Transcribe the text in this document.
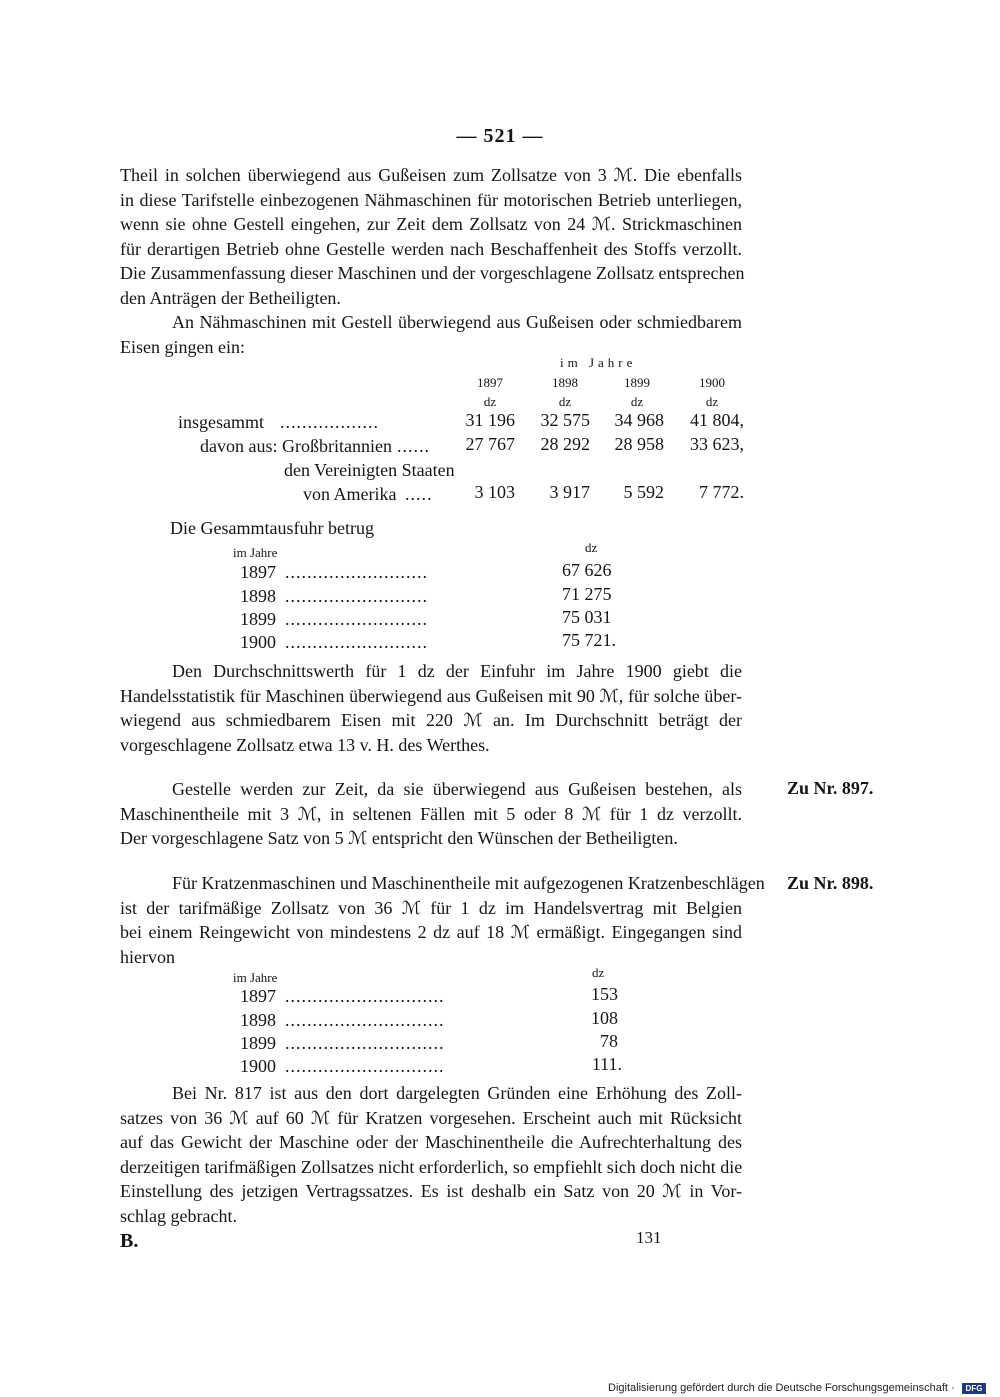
— 521 —
Theil in solchen überwiegend aus Gußeisen zum Zollsatze von 3 ℳ. Die ebenfalls
in diese Tarifstelle einbezogenen Nähmaschinen für motorischen Betrieb unterliegen,
wenn sie ohne Gestell eingehen, zur Zeit dem Zollsatz von 24 ℳ. Strickmaschinen
für derartigen Betrieb ohne Gestelle werden nach Beschaffenheit des Stoffs verzollt.
Die Zusammenfassung dieser Maschinen und der vorgeschlagene Zollsatz entsprechen
den Anträgen der Betheiligten.
An Nähmaschinen mit Gestell überwiegend aus Gußeisen oder schmiedbarem
Eisen gingen ein:
im Jahre
1897	1898	1899	1900
dz	dz	dz	dz
insgesammt ..................	31 196	32 575	34 968	41 804,
davon aus: Großbritannien ......	27 767	28 292	28 958	33 623,
den Vereinigten Staaten
von Amerika .....	3 103	3 917	5 592	7 772.
Die Gesammtausfuhr betrug
im Jahre	dz
1897 ..........................	67 626
1898 ..........................	71 275
1899 ..........................	75 031
1900 ..........................	75 721.
Den Durchschnittswerth für 1 dz der Einfuhr im Jahre 1900 giebt die
Handelsstatistik für Maschinen überwiegend aus Gußeisen mit 90 ℳ, für solche über-
wiegend aus schmiedbarem Eisen mit 220 ℳ an. Im Durchschnitt beträgt der
vorgeschlagene Zollsatz etwa 13 v. H. des Werthes.
Zu Nr. 897.
Gestelle werden zur Zeit, da sie überwiegend aus Gußeisen bestehen, als
Maschinentheile mit 3 ℳ, in seltenen Fällen mit 5 oder 8 ℳ für 1 dz verzollt.
Der vorgeschlagene Satz von 5 ℳ entspricht den Wünschen der Betheiligten.
Zu Nr. 898.
Für Kratzenmaschinen und Maschinentheile mit aufgezogenen Kratzenbeschlägen
ist der tarifmäßige Zollsatz von 36 ℳ für 1 dz im Handelsvertrag mit Belgien
bei einem Reingewicht von mindestens 2 dz auf 18 ℳ ermäßigt. Eingegangen sind
hiervon
im Jahre	dz
1897 .............................	153
1898 .............................	108
1899 .............................	78
1900 .............................	111.
Bei Nr. 817 ist aus den dort dargelegten Gründen eine Erhöhung des Zoll-
satzes von 36 ℳ auf 60 ℳ für Kratzen vorgesehen. Erscheint auch mit Rücksicht
auf das Gewicht der Maschine oder der Maschinentheile die Aufrechterhaltung des
derzeitigen tarifmäßigen Zollsatzes nicht erforderlich, so empfiehlt sich doch nicht die
Einstellung des jetzigen Vertragssatzes. Es ist deshalb ein Satz von 20 ℳ in Vor-
schlag gebracht.
B.	131
Digitalisierung gefördert durch die Deutsche Forschungsgemeinschaft ·	DFG
